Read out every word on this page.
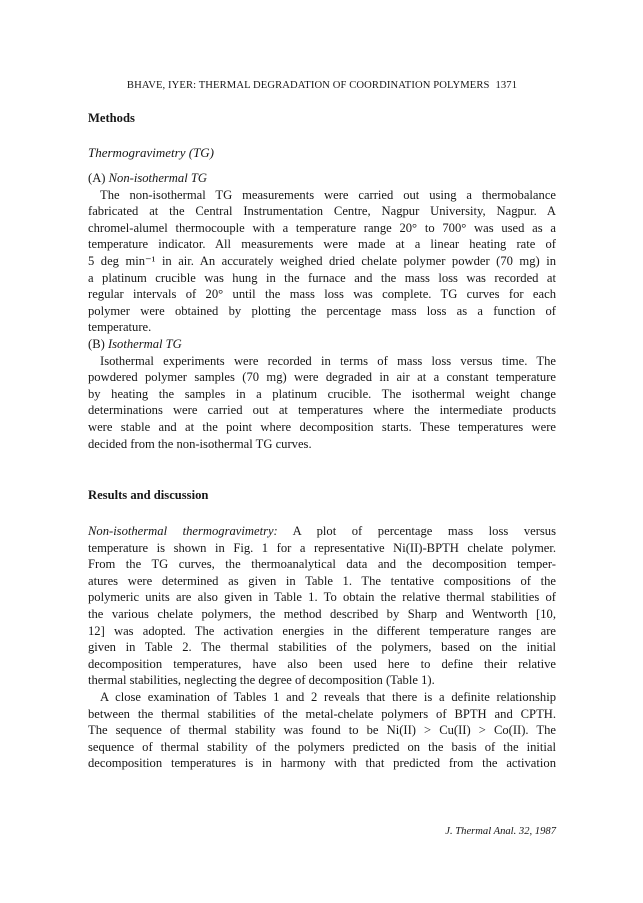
BHAVE, IYER: THERMAL DEGRADATION OF COORDINATION POLYMERS 1371
Methods
Thermogravimetry (TG)
(A) Non-isothermal TG
The non-isothermal TG measurements were carried out using a thermobalance
fabricated at the Central Instrumentation Centre, Nagpur University, Nagpur. A
chromel-alumel thermocouple with a temperature range 20° to 700° was used as a
temperature indicator. All measurements were made at a linear heating rate of
5 deg min⁻¹ in air. An accurately weighed dried chelate polymer powder (70 mg) in
a platinum crucible was hung in the furnace and the mass loss was recorded at
regular intervals of 20° until the mass loss was complete. TG curves for each
polymer were obtained by plotting the percentage mass loss as a function of
temperature.
(B) Isothermal TG
Isothermal experiments were recorded in terms of mass loss versus time. The
powdered polymer samples (70 mg) were degraded in air at a constant temperature
by heating the samples in a platinum crucible. The isothermal weight change
determinations were carried out at temperatures where the intermediate products
were stable and at the point where decomposition starts. These temperatures were
decided from the non-isothermal TG curves.
Results and discussion
Non-isothermal thermogravimetry: A plot of percentage mass loss versus
temperature is shown in Fig. 1 for a representative Ni(II)-BPTH chelate polymer.
From the TG curves, the thermoanalytical data and the decomposition temper-
atures were determined as given in Table 1. The tentative compositions of the
polymeric units are also given in Table 1. To obtain the relative thermal stabilities of
the various chelate polymers, the method described by Sharp and Wentworth [10,
12] was adopted. The activation energies in the different temperature ranges are
given in Table 2. The thermal stabilities of the polymers, based on the initial
decomposition temperatures, have also been used here to define their relative
thermal stabilities, neglecting the degree of decomposition (Table 1).
A close examination of Tables 1 and 2 reveals that there is a definite relationship
between the thermal stabilities of the metal-chelate polymers of BPTH and CPTH.
The sequence of thermal stability was found to be Ni(II) > Cu(II) > Co(II). The
sequence of thermal stability of the polymers predicted on the basis of the initial
decomposition temperatures is in harmony with that predicted from the activation
J. Thermal Anal. 32, 1987
